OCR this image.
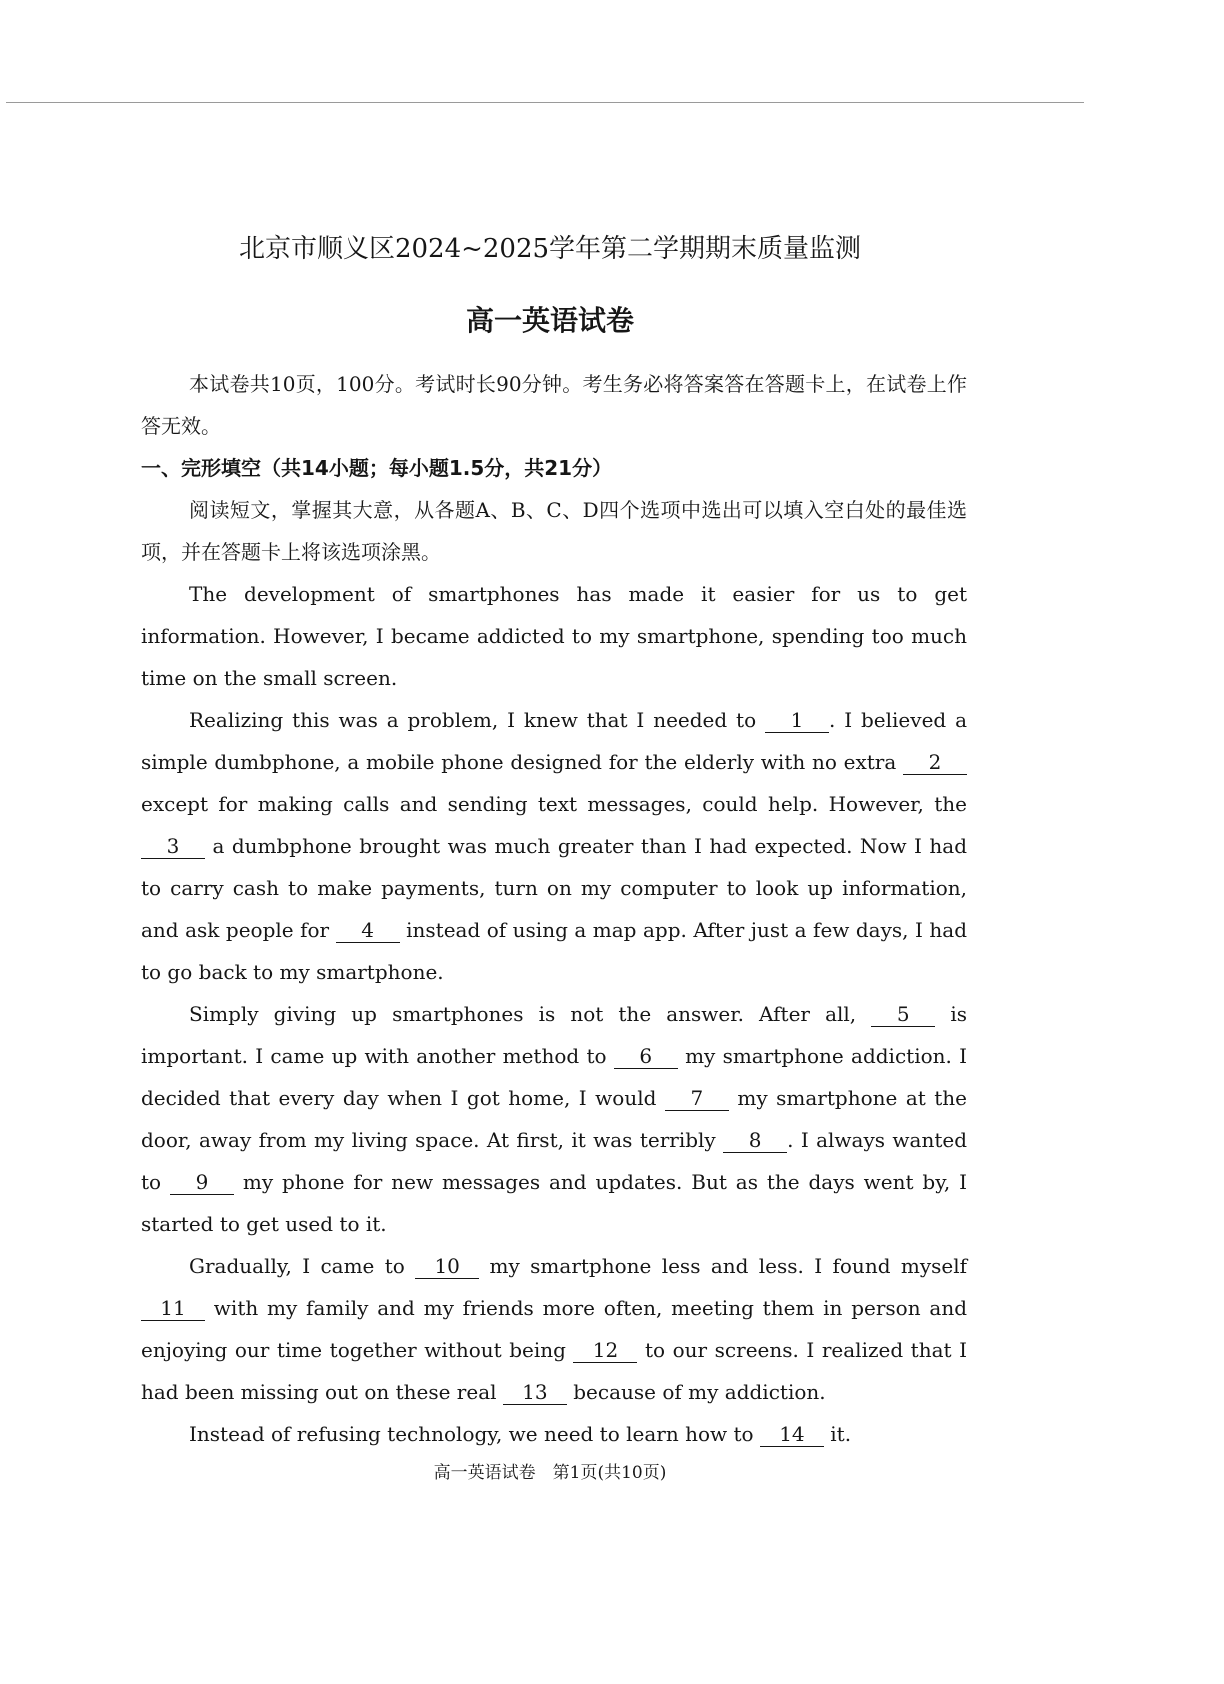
北京市顺义区2024~2025学年第二学期期末质量监测
高一英语试卷

本试卷共10页，100分。考试时长90分钟。考生务必将答案答在答题卡上，在试卷上作答无效。

一、完形填空（共14小题；每小题1.5分，共21分）

阅读短文，掌握其大意，从各题A、B、C、D四个选项中选出可以填入空白处的最佳选项，并在答题卡上将该选项涂黑。

The development of smartphones has made it easier for us to get information. However, I became addicted to my smartphone, spending too much time on the small screen.

Realizing this was a problem, I knew that I needed to 1 . I believed a simple dumbphone, a mobile phone designed for the elderly with no extra 2 except for making calls and sending text messages, could help. However, the 3 a dumbphone brought was much greater than I had expected. Now I had to carry cash to make payments, turn on my computer to look up information, and ask people for 4 instead of using a map app. After just a few days, I had to go back to my smartphone.

Simply giving up smartphones is not the answer. After all, 5 is important. I came up with another method to 6 my smartphone addiction. I decided that every day when I got home, I would 7 my smartphone at the door, away from my living space. At first, it was terribly 8 . I always wanted to 9 my phone for new messages and updates. But as the days went by, I started to get used to it.

Gradually, I came to 10 my smartphone less and less. I found myself 11 with my family and my friends more often, meeting them in person and enjoying our time together without being 12 to our screens. I realized that I had been missing out on these real 13 because of my addiction.

Instead of refusing technology, we need to learn how to 14 it.

高一英语试卷　第1页(共10页)
